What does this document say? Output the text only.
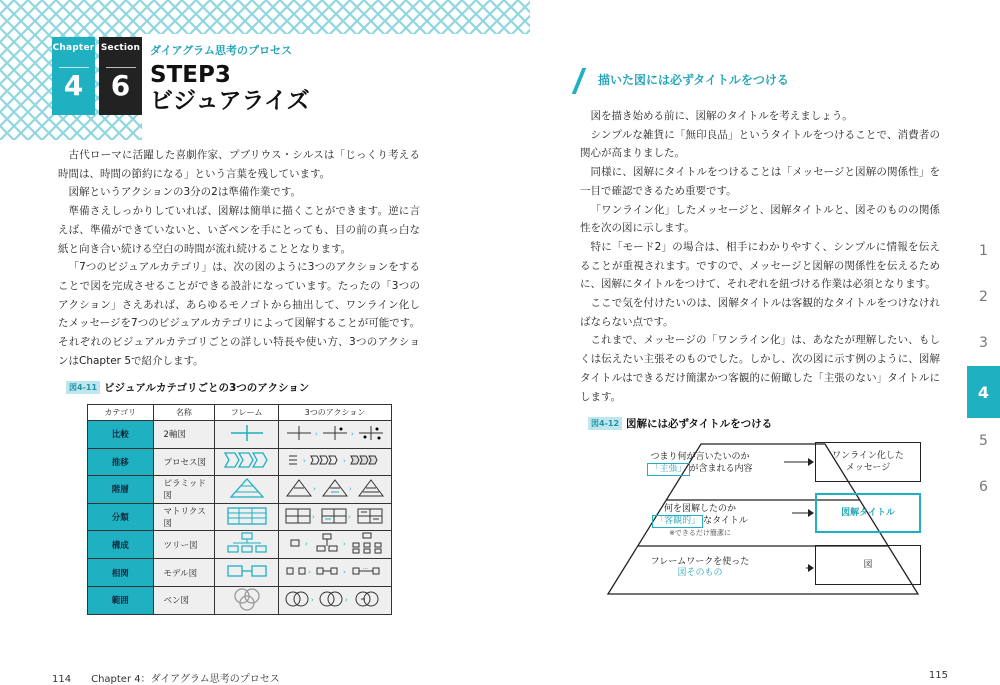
Chapter
4
Section
6
ダイアグラム思考のプロセス
STEP3
ビジュアライズ

古代ローマに活躍した喜劇作家、プブリウス・シルスは「じっくり考える時間は、時間の節約になる」という言葉を残しています。

図解というアクションの3分の2は準備作業です。

準備さえしっかりしていれば、図解は簡単に描くことができます。逆に言えば、準備ができていないと、いざペンを手にとっても、目の前の真っ白な紙と向き合い続ける空白の時間が流れ続けることとなります。

「7つのビジュアルカテゴリ」は、次の図のように3つのアクションをすることで図を完成させることができる設計になっています。たったの「3つのアクション」さえあれば、あらゆるモノゴトから抽出して、ワンライン化したメッセージを7つのビジュアルカテゴリによって図解することが可能です。それぞれのビジュアルカテゴリごとの詳しい特長や使い方、3つのアクションはChapter 5で紹介します。

図4-11 ビジュアルカテゴリごとの3つのアクション
カテゴリ	名称	フレーム	3つのアクション
比較	2軸図		› ›

推移	プロセス図		› ›

階層	ピラミッド図		› ›

分類	マトリクス図		› ›

構成	ツリー図		› ›

相関	モデル図		› › …

範囲	ベン図		› ›
描いた図には必ずタイトルをつける

図を描き始める前に、図解のタイトルを考えましょう。

シンプルな雑貨に「無印良品」というタイトルをつけることで、消費者の関心が高まりました。

同様に、図解にタイトルをつけることは「メッセージと図解の関係性」を一目で確認できるため重要です。

「ワンライン化」したメッセージと、図解タイトルと、図そのものの関係性を次の図に示します。

特に「モード2」の場合は、相手にわかりやすく、シンプルに情報を伝えることが重視されます。ですので、メッセージと図解の関係性を伝えるために、図解にタイトルをつけて、それぞれを紐づける作業は必須となります。

ここで気を付けたいのは、図解タイトルは客観的なタイトルをつけなければならない点です。

これまで、メッセージの「ワンライン化」は、あなたが理解したい、もしくは伝えたい主張そのものでした。しかし、次の図に示す例のように、図解タイトルはできるだけ簡潔かつ客観的に俯瞰した「主張のない」タイトルにします。

1
2
3
4
5
6
図4-12 図解には必ずタイトルをつける
つまり何が言いたいのか
「主張」 が含まれる内容
何を図解したのか
「客観的」 なタイトル
※できるだけ簡潔に
フレームワークを使った
図そのもの
ワンライン化した
メッセージ
図解タイトル
図
114 Chapter 4：ダイアグラム思考のプロセス	115
